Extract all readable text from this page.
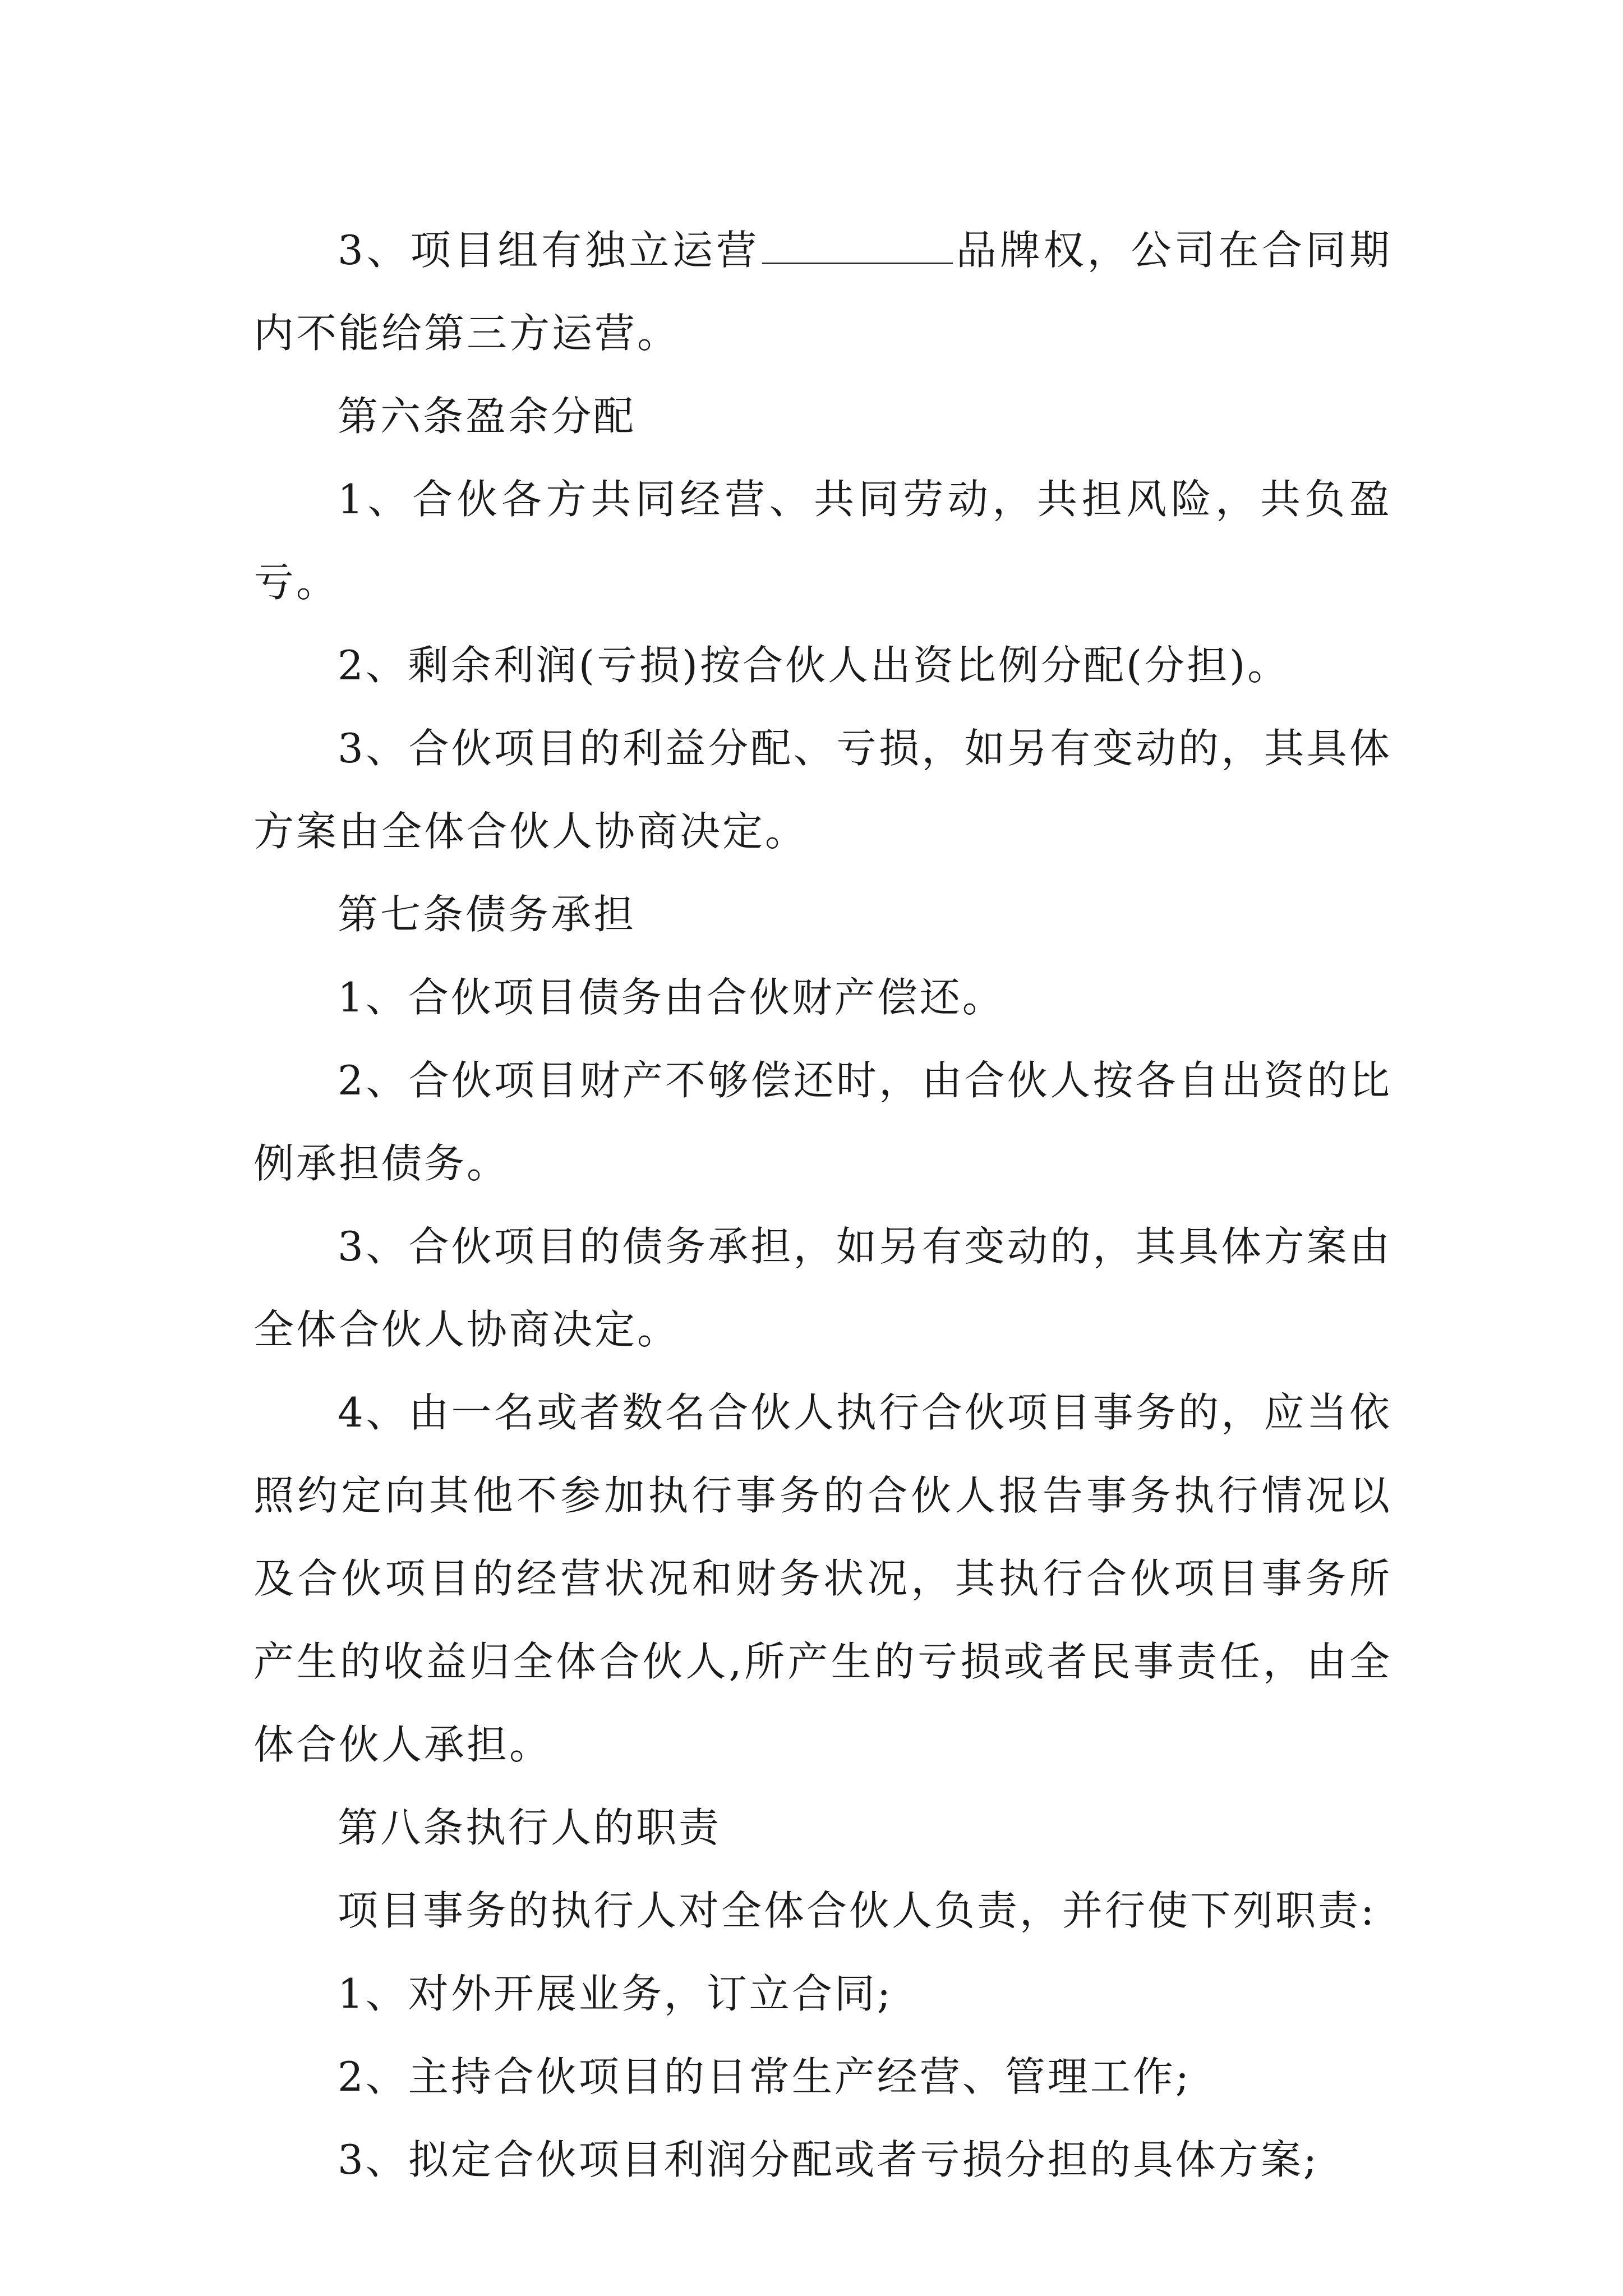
3、项目组有独立运营	品牌权，公司在合同期内不能给第三方运营。

第六条盈余分配

1、合伙各方共同经营、共同劳动，共担风险，共负盈亏。

2、剩余利润(亏损)按合伙人出资比例分配(分担)。

3、合伙项目的利益分配、亏损，如另有变动的，其具体方案由全体合伙人协商决定。

第七条债务承担

1、合伙项目债务由合伙财产偿还。

2、合伙项目财产不够偿还时，由合伙人按各自出资的比例承担债务。

3、合伙项目的债务承担，如另有变动的，其具体方案由全体合伙人协商决定。

4、由一名或者数名合伙人执行合伙项目事务的，应当依照约定向其他不参加执行事务的合伙人报告事务执行情况以及合伙项目的经营状况和财务状况，其执行合伙项目事务所产生的收益归全体合伙人,所产生的亏损或者民事责任，由全体合伙人承担。

第八条执行人的职责

项目事务的执行人对全体合伙人负责，并行使下列职责:

1、对外开展业务，订立合同;

2、主持合伙项目的日常生产经营、管理工作;

3、拟定合伙项目利润分配或者亏损分担的具体方案;
